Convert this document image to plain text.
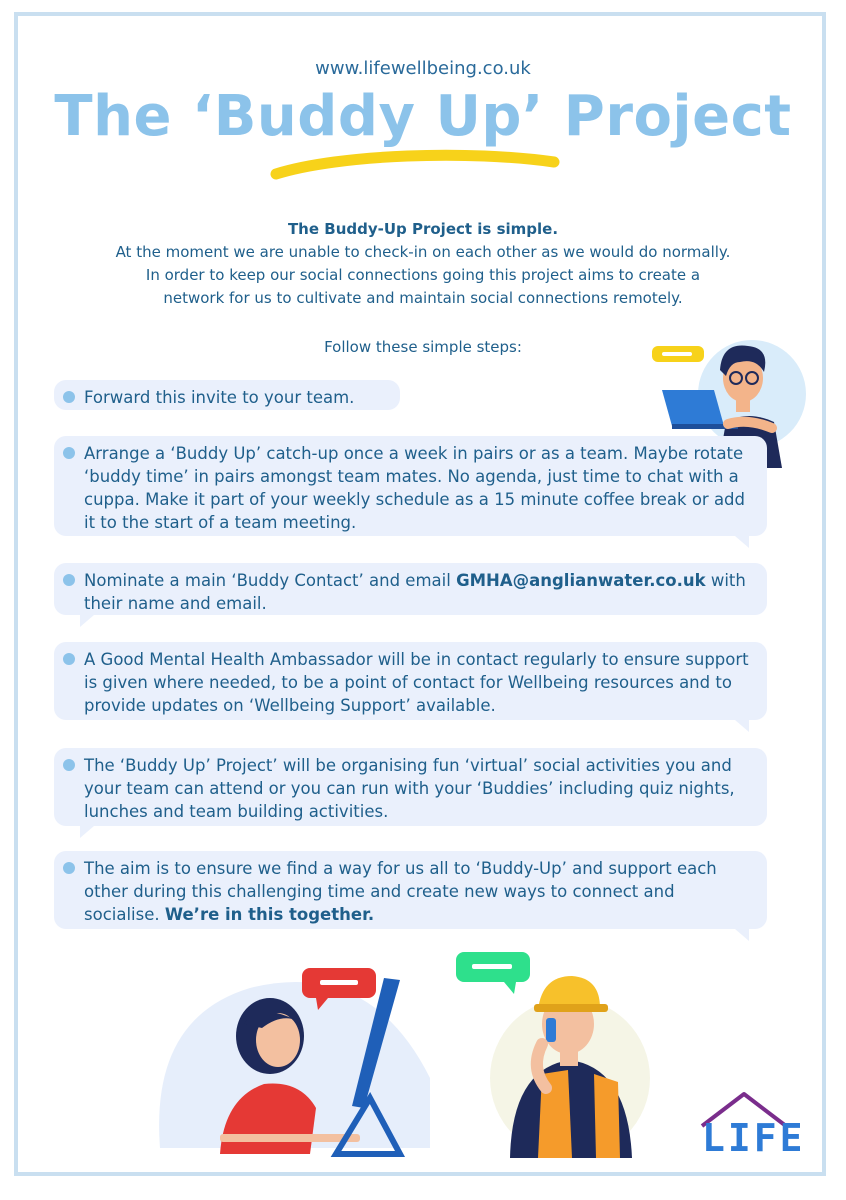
www.lifewellbeing.co.uk
The ‘Buddy Up’ Project
The Buddy-Up Project is simple.
At the moment we are unable to check-in on each other as we would do normally.
In order to keep our social connections going this project aims to create a
network for us to cultivate and maintain social connections remotely.
Follow these simple steps:
Forward this invite to your team.
Arrange a ‘Buddy Up’ catch-up once a week in pairs or as a team. Maybe rotate ‘buddy time’ in pairs amongst team mates. No agenda, just time to chat with a cuppa. Make it part of your weekly schedule as a 15 minute coffee break or add it to the start of a team meeting.
Nominate a main ‘Buddy Contact’ and email GMHA@anglianwater.co.uk with their name and email.
A Good Mental Health Ambassador will be in contact regularly to ensure support is given where needed, to be a point of contact for Wellbeing resources and to provide updates on ‘Wellbeing Support’ available.
The ‘Buddy Up’ Project’ will be organising fun ‘virtual’ social activities you and your team can attend or you can run with your ‘Buddies’ including quiz nights, lunches and team building activities.
The aim is to ensure we find a way for us all to ‘Buddy-Up’ and support each other during this challenging time and create new ways to connect and socialise. We’re in this together.
LIFE
